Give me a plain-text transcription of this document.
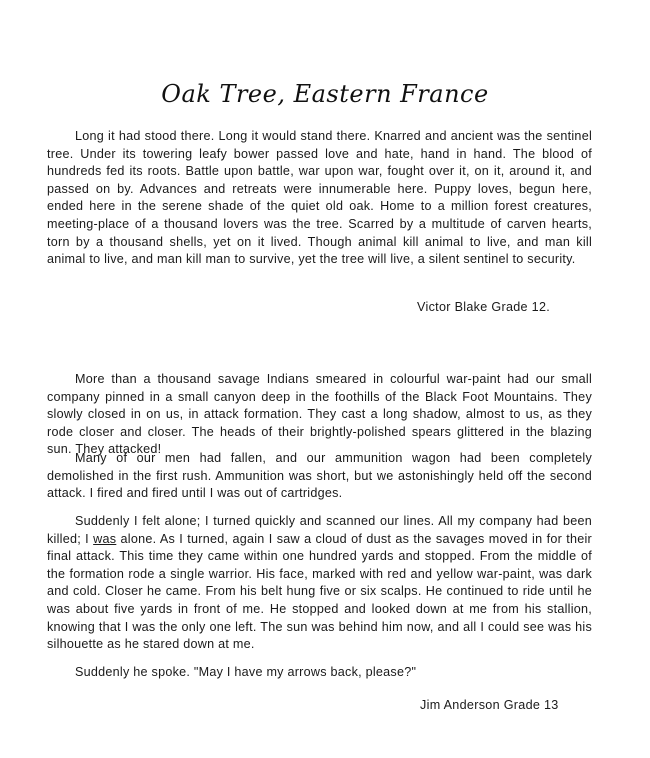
Oak Tree, Eastern France

Long it had stood there. Long it would stand there. Knarred and ancient was the sentinel tree. Under its towering leafy bower passed love and hate, hand in hand. The blood of hundreds fed its roots. Battle upon battle, war upon war, fought over it, on it, around it, and passed on by. Advances and retreats were innumerable here. Puppy loves, begun here, ended here in the serene shade of the quiet old oak. Home to a million forest creatures, meeting-place of a thousand lovers was the tree. Scarred by a multitude of carven hearts, torn by a thousand shells, yet on it lived. Though animal kill animal to live, and man kill animal to live, and man kill man to survive, yet the tree will live, a silent sentinel to security.

Victor Blake Grade 12.

More than a thousand savage Indians smeared in colourful war-paint had our small company pinned in a small canyon deep in the foothills of the Black Foot Mountains. They slowly closed in on us, in attack formation. They cast a long shadow, almost to us, as they rode closer and closer. The heads of their brightly-polished spears glittered in the blazing sun. They attacked!

Many of our men had fallen, and our ammunition wagon had been completely demolished in the first rush. Ammunition was short, but we astonishingly held off the second attack. I fired and fired until I was out of cartridges.

Suddenly I felt alone; I turned quickly and scanned our lines. All my company had been killed; I was alone. As I turned, again I saw a cloud of dust as the savages moved in for their final attack. This time they came within one hundred yards and stopped. From the middle of the formation rode a single warrior. His face, marked with red and yellow war-paint, was dark and cold. Closer he came. From his belt hung five or six scalps. He continued to ride until he was about five yards in front of me. He stopped and looked down at me from his stallion, knowing that I was the only one left. The sun was behind him now, and all I could see was his silhouette as he stared down at me.

Suddenly he spoke. "May I have my arrows back, please?"

Jim Anderson Grade 13
